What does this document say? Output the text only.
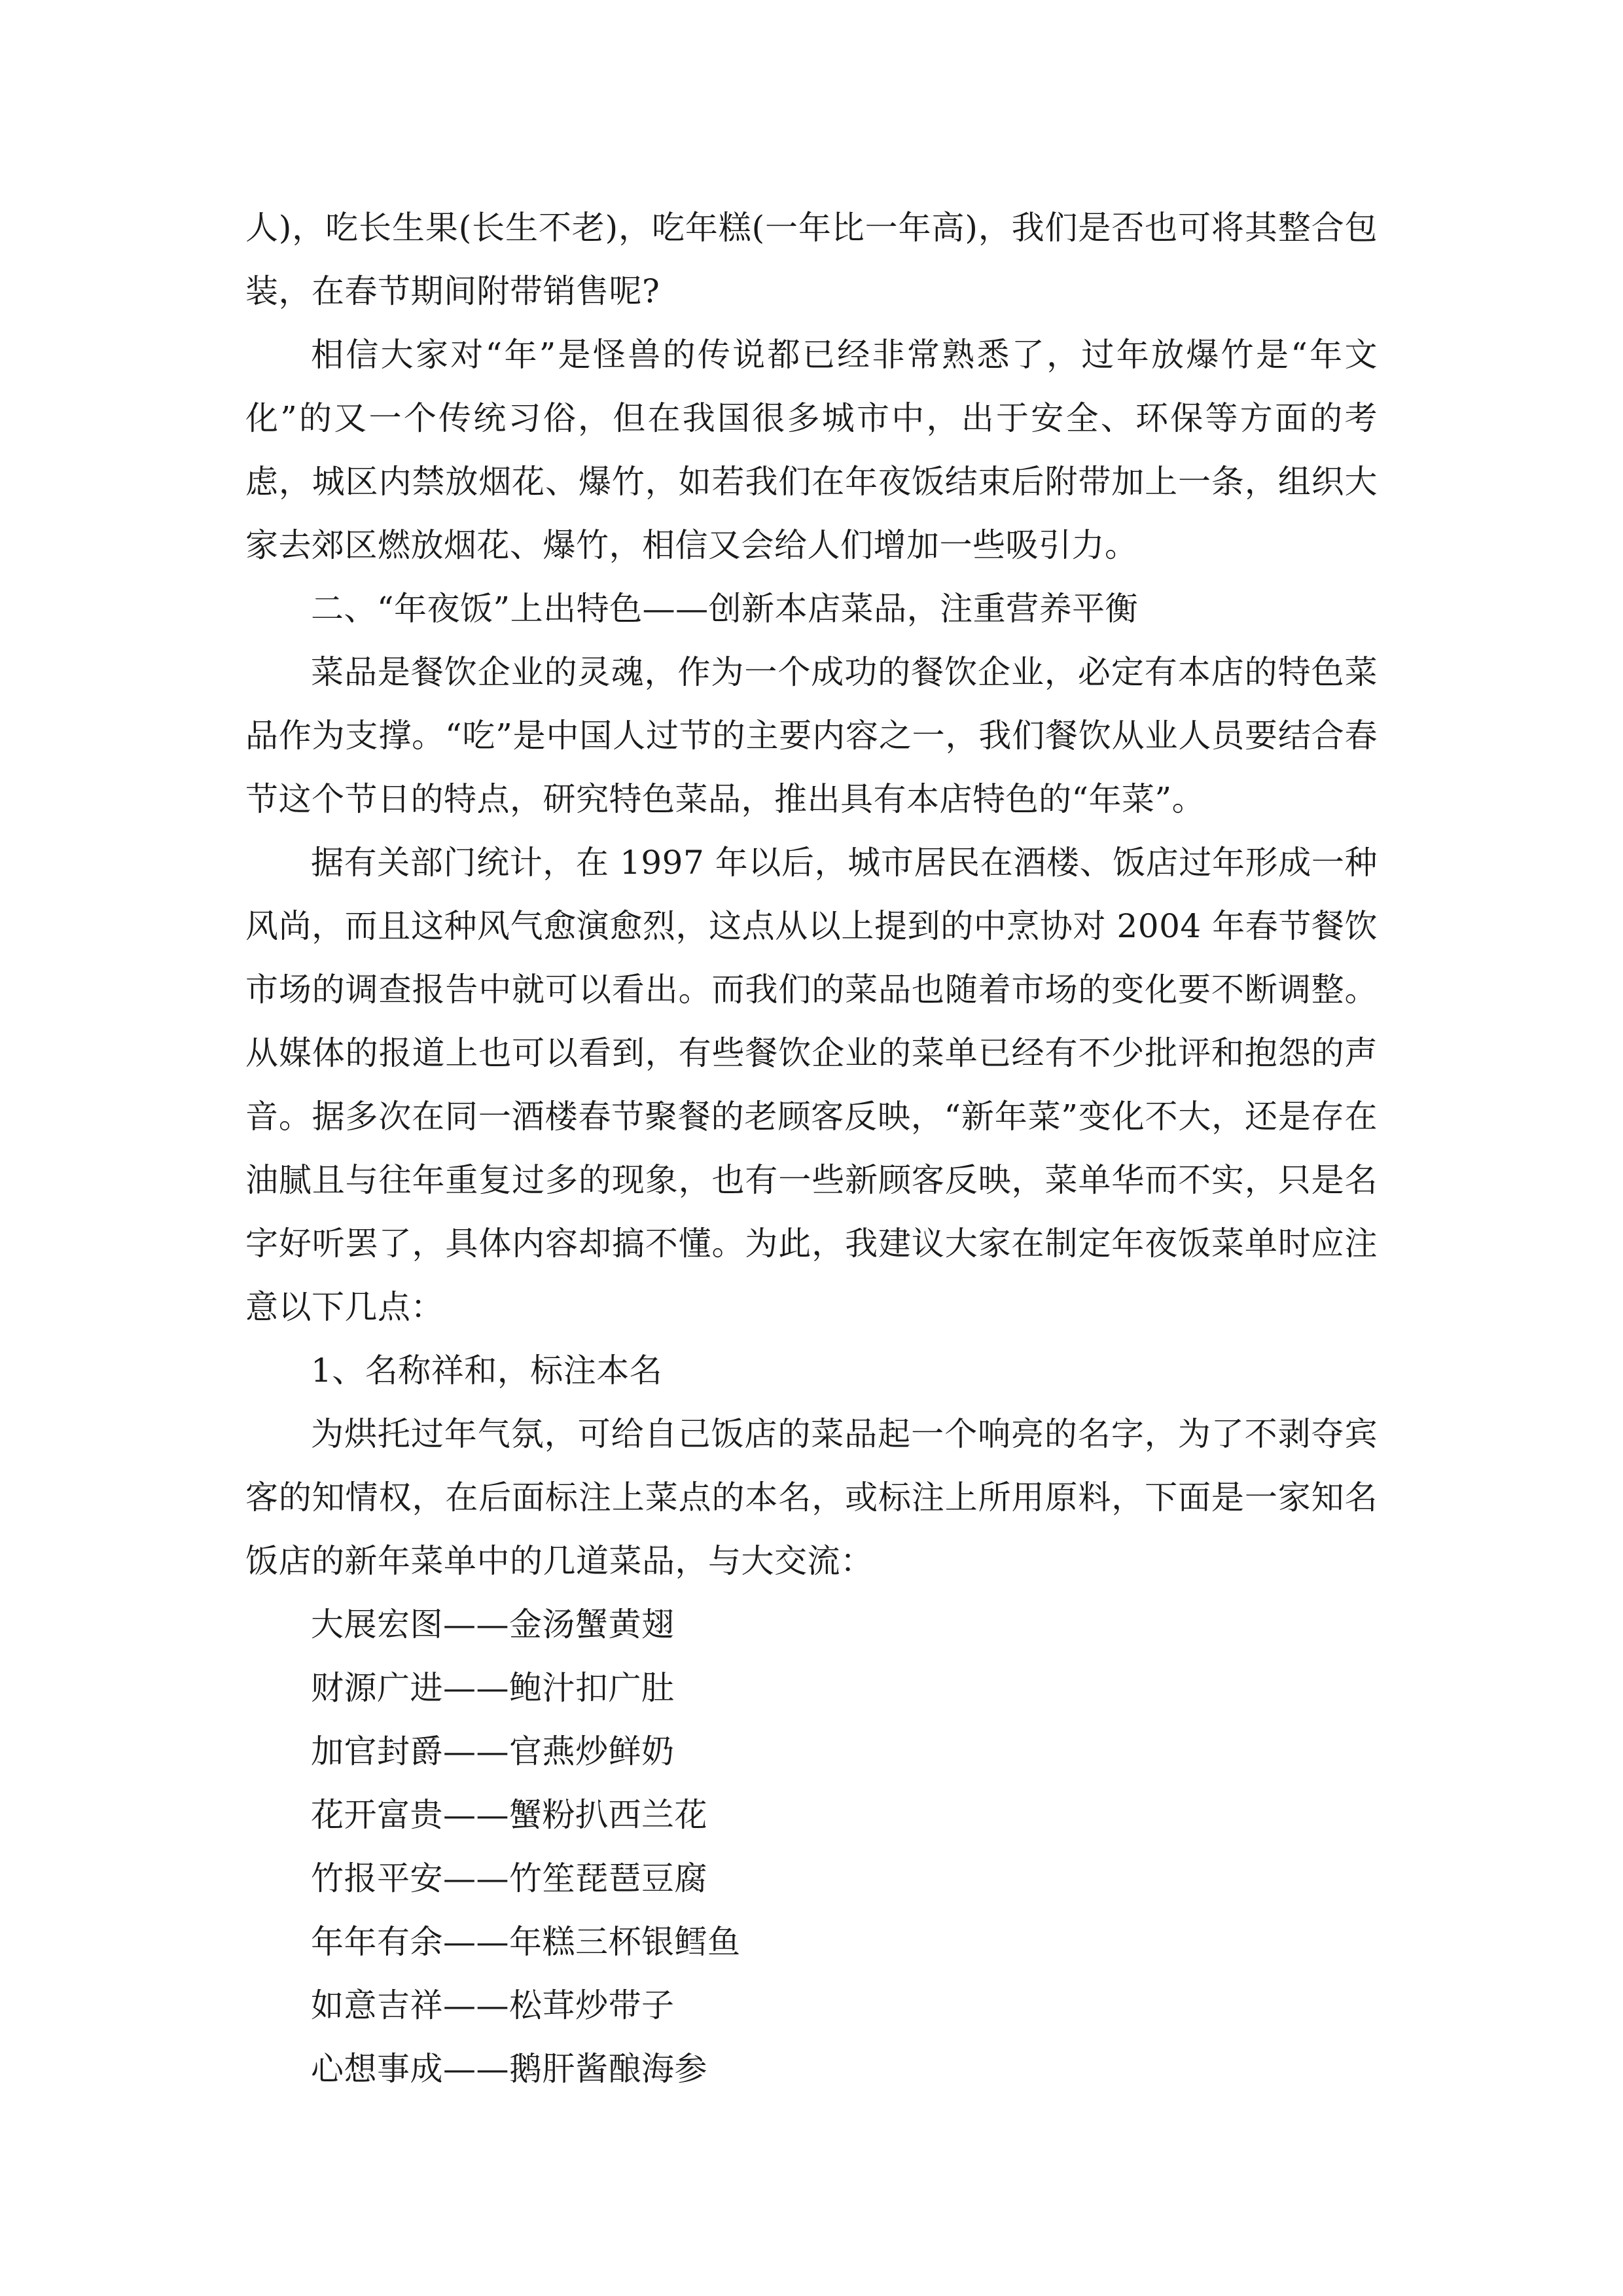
人)，吃长生果(长生不老)，吃年糕(一年比一年高)，我们是否也可将其整合包装，在春节期间附带销售呢?

相信大家对“年”是怪兽的传说都已经非常熟悉了，过年放爆竹是“年文化”的又一个传统习俗，但在我国很多城市中，出于安全、环保等方面的考虑，城区内禁放烟花、爆竹，如若我们在年夜饭结束后附带加上一条，组织大家去郊区燃放烟花、爆竹，相信又会给人们增加一些吸引力。

二、“年夜饭”上出特色——创新本店菜品，注重营养平衡

菜品是餐饮企业的灵魂，作为一个成功的餐饮企业，必定有本店的特色菜品作为支撑。“吃”是中国人过节的主要内容之一，我们餐饮从业人员要结合春节这个节日的特点，研究特色菜品，推出具有本店特色的“年菜”。

据有关部门统计，在 1997 年以后，城市居民在酒楼、饭店过年形成一种风尚，而且这种风气愈演愈烈，这点从以上提到的中烹协对 2004 年春节餐饮市场的调查报告中就可以看出。而我们的菜品也随着市场的变化要不断调整。从媒体的报道上也可以看到，有些餐饮企业的菜单已经有不少批评和抱怨的声音。据多次在同一酒楼春节聚餐的老顾客反映，“新年菜”变化不大，还是存在油腻且与往年重复过多的现象，也有一些新顾客反映，菜单华而不实，只是名字好听罢了，具体内容却搞不懂。为此，我建议大家在制定年夜饭菜单时应注意以下几点：

1、名称祥和，标注本名

为烘托过年气氛，可给自己饭店的菜品起一个响亮的名字，为了不剥夺宾客的知情权，在后面标注上菜点的本名，或标注上所用原料，下面是一家知名饭店的新年菜单中的几道菜品，与大交流：

大展宏图——金汤蟹黄翅
财源广进——鲍汁扣广肚
加官封爵——官燕炒鲜奶
花开富贵——蟹粉扒西兰花
竹报平安——竹笙琵琶豆腐
年年有余——年糕三杯银鳕鱼
如意吉祥——松茸炒带子
心想事成——鹅肝酱酿海参
